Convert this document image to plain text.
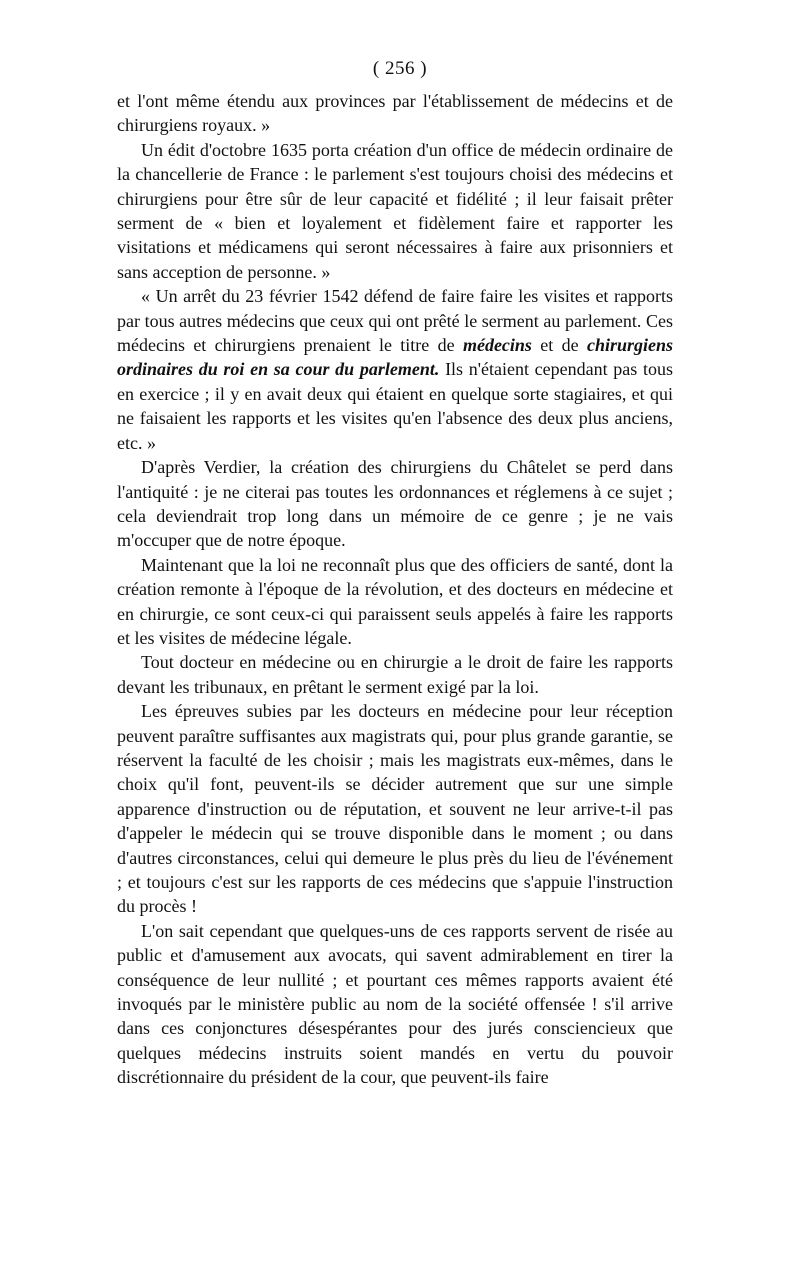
( 256 )

et l'ont même étendu aux provinces par l'établissement de médecins et de chirurgiens royaux. »

Un édit d'octobre 1635 porta création d'un office de médecin ordinaire de la chancellerie de France : le parlement s'est toujours choisi des médecins et chirurgiens pour être sûr de leur capacité et fidélité ; il leur faisait prêter serment de « bien et loyalement et fidèlement faire et rapporter les visitations et médicamens qui seront nécessaires à faire aux prisonniers et sans acception de personne. »

« Un arrêt du 23 février 1542 défend de faire faire les visites et rapports par tous autres médecins que ceux qui ont prêté le serment au parlement. Ces médecins et chirurgiens prenaient le titre de médecins et de chirurgiens ordinaires du roi en sa cour du parlement. Ils n'étaient cependant pas tous en exercice ; il y en avait deux qui étaient en quelque sorte stagiaires, et qui ne faisaient les rapports et les visites qu'en l'absence des deux plus anciens, etc. »

D'après Verdier, la création des chirurgiens du Châtelet se perd dans l'antiquité : je ne citerai pas toutes les ordonnances et réglemens à ce sujet ; cela deviendrait trop long dans un mémoire de ce genre ; je ne vais m'occuper que de notre époque.

Maintenant que la loi ne reconnaît plus que des officiers de santé, dont la création remonte à l'époque de la révolution, et des docteurs en médecine et en chirurgie, ce sont ceux-ci qui paraissent seuls appelés à faire les rapports et les visites de médecine légale.

Tout docteur en médecine ou en chirurgie a le droit de faire les rapports devant les tribunaux, en prêtant le serment exigé par la loi.

Les épreuves subies par les docteurs en médecine pour leur réception peuvent paraître suffisantes aux magistrats qui, pour plus grande garantie, se réservent la faculté de les choisir ; mais les magistrats eux-mêmes, dans le choix qu'il font, peuvent-ils se décider autrement que sur une simple apparence d'instruction ou de réputation, et souvent ne leur arrive-t-il pas d'appeler le médecin qui se trouve disponible dans le moment ; ou dans d'autres circonstances, celui qui demeure le plus près du lieu de l'événement ; et toujours c'est sur les rapports de ces médecins que s'appuie l'instruction du procès !

L'on sait cependant que quelques-uns de ces rapports servent de risée au public et d'amusement aux avocats, qui savent admirablement en tirer la conséquence de leur nullité ; et pourtant ces mêmes rapports avaient été invoqués par le ministère public au nom de la société offensée ! s'il arrive dans ces conjonctures désespérantes pour des jurés consciencieux que quelques médecins instruits soient mandés en vertu du pouvoir discrétionnaire du président de la cour, que peuvent-ils faire
